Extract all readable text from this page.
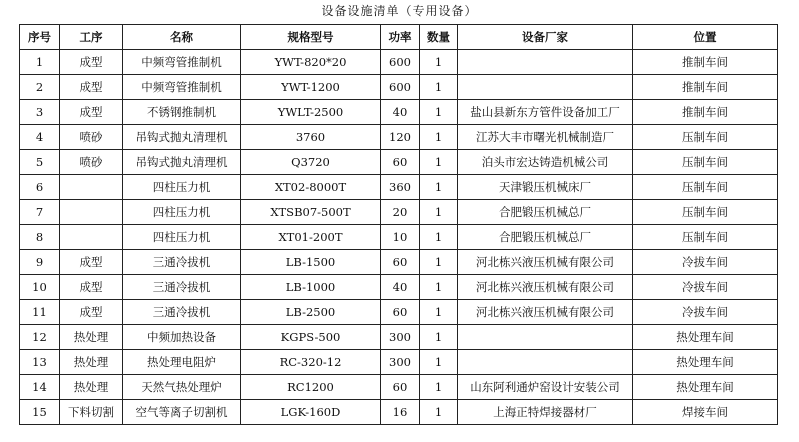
设备设施清单（专用设备）
序号	工序	名称	规格型号	功率	数量	设备厂家	位置
1	成型	中频弯管推制机	YWT-820*20	600	1		推制车间
2	成型	中频弯管推制机	YWT-1200	600	1		推制车间
3	成型	不锈钢推制机	YWLT-2500	40	1	盐山县新东方管件设备加工厂	推制车间
4	喷砂	吊钩式抛丸清理机	3760	120	1	江苏大丰市曙光机械制造厂	压制车间
5	喷砂	吊钩式抛丸清理机	Q3720	60	1	泊头市宏达铸造机械公司	压制车间
6		四柱压力机	XT02-8000T	360	1	天津锻压机械床厂	压制车间
7		四柱压力机	XTSB07-500T	20	1	合肥锻压机械总厂	压制车间
8		四柱压力机	XT01-200T	10	1	合肥锻压机械总厂	压制车间
9	成型	三通冷拔机	LB-1500	60	1	河北栋兴液压机械有限公司	冷拔车间
10	成型	三通冷拔机	LB-1000	40	1	河北栋兴液压机械有限公司	冷拔车间
11	成型	三通冷拔机	LB-2500	60	1	河北栋兴液压机械有限公司	冷拔车间
12	热处理	中频加热设备	KGPS-500	300	1		热处理车间
13	热处理	热处理电阻炉	RC-320-12	300	1		热处理车间
14	热处理	天然气热处理炉	RC1200	60	1	山东阿利通炉窑设计安装公司	热处理车间
15	下料切割	空气等离子切割机	LGK-160D	16	1	上海正特焊接器材厂	焊接车间
